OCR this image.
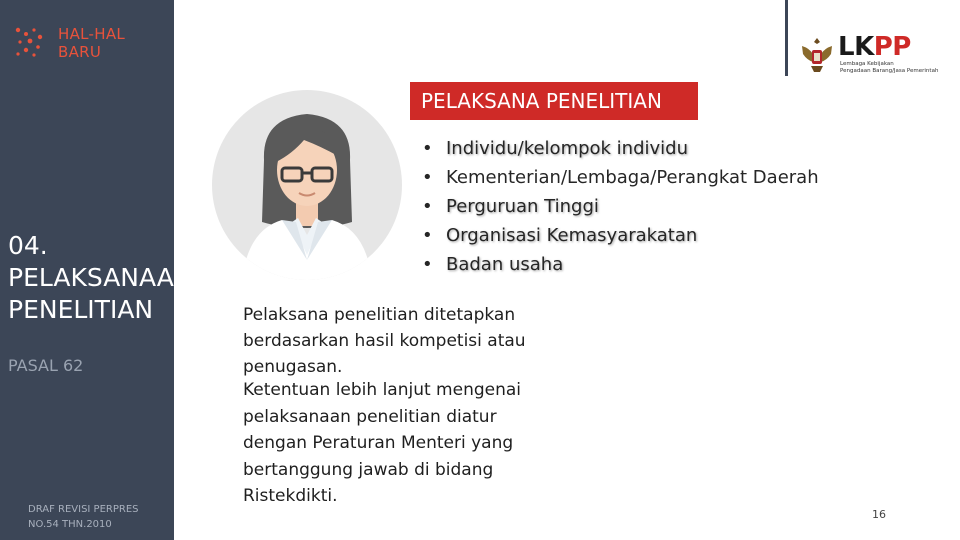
HAL-HAL BARU
04. PELAKSANAAN PENELITIAN
PASAL 62
DRAF REVISI PERPRES NO.54 THN.2010
LKPP
Lembaga Kebijakan
Pengadaan Barang/Jasa Pemerintah
PELAKSANA PENELITIAN
• Individu/kelompok individu
• Kementerian/Lembaga/Perangkat Daerah
• Perguruan Tinggi
• Organisasi Kemasyarakatan
• Badan usaha
Pelaksana penelitian ditetapkan
berdasarkan hasil kompetisi atau
penugasan.
Ketentuan lebih lanjut mengenai
pelaksanaan penelitian diatur
dengan Peraturan Menteri yang
bertanggung jawab di bidang
Ristekdikti.
16
